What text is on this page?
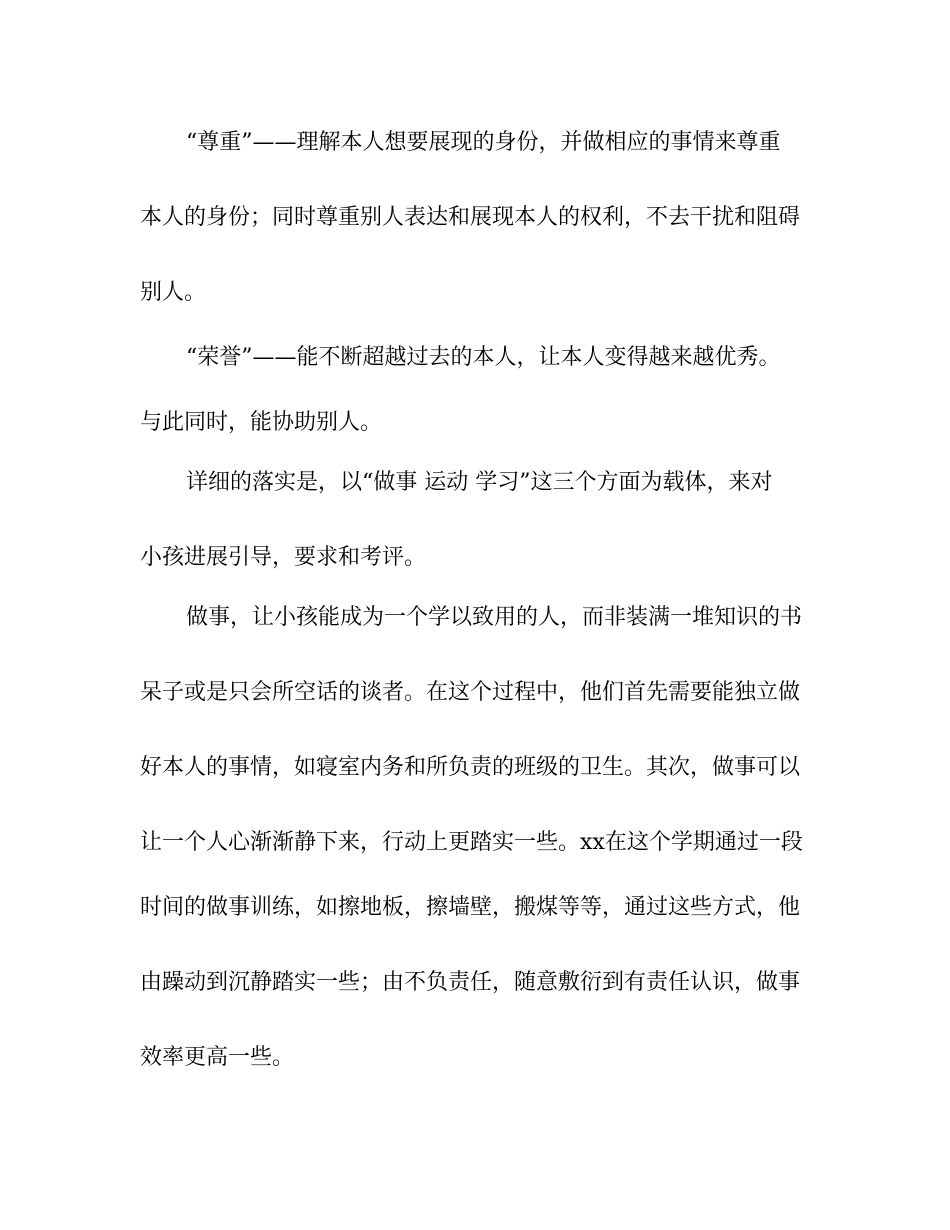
“尊重”——理解本人想要展现的身份，并做相应的事情来尊重
本人的身份；同时尊重别人表达和展现本人的权利，不去干扰和阻碍
别人。
“荣誉”——能不断超越过去的本人，让本人变得越来越优秀。
与此同时，能协助别人。
详细的落实是，以“做事 运动 学习”这三个方面为载体，来对
小孩进展引导，要求和考评。
做事，让小孩能成为一个学以致用的人，而非装满一堆知识的书
呆子或是只会所空话的谈者。在这个过程中，他们首先需要能独立做
好本人的事情，如寝室内务和所负责的班级的卫生。其次，做事可以
让一个人心渐渐静下来，行动上更踏实一些。xx在这个学期通过一段
时间的做事训练，如擦地板，擦墙壁，搬煤等等，通过这些方式，他
由躁动到沉静踏实一些；由不负责任，随意敷衍到有责任认识，做事
效率更高一些。
